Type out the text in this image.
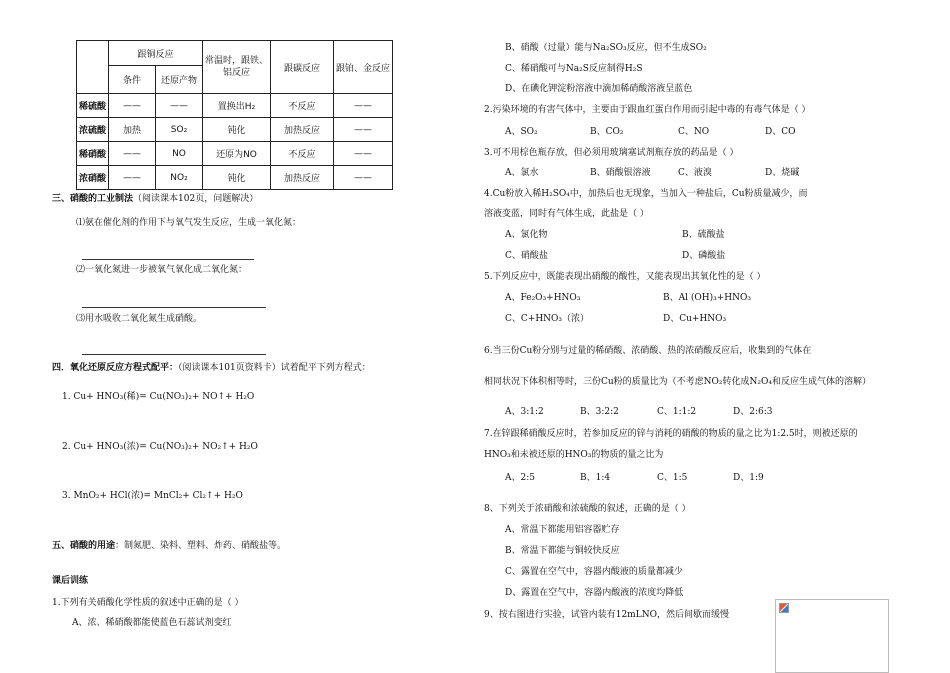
	跟铜反应		常温时，跟铁、铝反应	跟碳反应	跟铂、金反应
	条件	还原产物			
稀硫酸	——	——	置换出H₂	不反应	——
浓硫酸	加热	SO₂	钝化	加热反应	——
稀硝酸	——	NO	还原为NO	不反应	——
浓硝酸	——	NO₂	钝化	加热反应	——
三、硝酸的工业制法（阅读课本102页，问题解决）
⑴氨在催化剂的作用下与氧气发生反应，生成一氧化氮：
⑵一氧化氮进一步被氧气氧化成二氧化氮：
⑶用水吸收二氧化氮生成硝酸。
四．氧化还原反应方程式配平：（阅读课本101页资料卡）试着配平下列方程式：
1. Cu+ HNO₃(稀)= Cu(NO₃)₂+ NO↑+ H₂O
2. Cu+ HNO₃(浓)= Cu(NO₃)₂+ NO₂↑+ H₂O
3. MnO₂+ HCl(浓)= MnCl₂+ Cl₂↑+ H₂O
五、硝酸的用途：制氮肥、染料、塑料、炸药、硝酸盐等。
课后训练
1.下列有关硝酸化学性质的叙述中正确的是（ ）
A、浓、稀硝酸都能使蓝色石蕊试剂变红
B、硝酸（过量）能与Na₂SO₃反应，但不生成SO₂
C、稀硝酸可与Na₂S反应制得H₂S
D、在碘化钾淀粉溶液中滴加稀硝酸溶液呈蓝色
2.污染环境的有害气体中，主要由于跟血红蛋白作用而引起中毒的有毒气体是（ ）
A、SO₂	B、CO₂	C、NO	D、CO
3.可不用棕色瓶存放，但必须用玻璃塞试剂瓶存放的药品是（ ）
A、氯水	B、硝酸银溶液	C、液溴	D、烧碱
4.Cu粉放入稀H₂SO₄中，加热后也无现象，当加入一种盐后，Cu粉质量减少，而
溶液变蓝，同时有气体生成，此盐是（ ）
A、氯化物	B、硫酸盐
C、硝酸盐	D、磷酸盐
5.下列反应中，既能表现出硝酸的酸性，又能表现出其氧化性的是（ ）
A、Fe₂O₃+HNO₃	B、Al (OH)₃+HNO₃
C、C+HNO₃（浓）	D、Cu+HNO₃
6.当三份Cu粉分别与过量的稀硝酸、浓硝酸、热的浓硝酸反应后，收集到的气体在
相同状况下体积相等时，三份Cu粉的质量比为（不考虑NO₂转化成N₂O₄和反应生成气体的溶解）
A、3:1:2	B、3:2:2	C、1:1:2	D、2:6:3
7.在锌跟稀硝酸反应时，若参加反应的锌与消耗的硝酸的物质的量之比为1:2.5时，则被还原的
HNO₃和未被还原的HNO₃的物质的量之比为
A、2:5	B、1:4	C、1:5	D、1:9
8、下列关于浓硝酸和浓硫酸的叙述，正确的是（ ）
A、常温下都能用铝容器贮存
B、常温下都能与铜较快反应
C、露置在空气中，容器内酸液的质量都减少
D、露置在空气中，容器内酸液的浓度均降低
9、按右图进行实验，试管内装有12mLNO，然后间歇而缓慢
